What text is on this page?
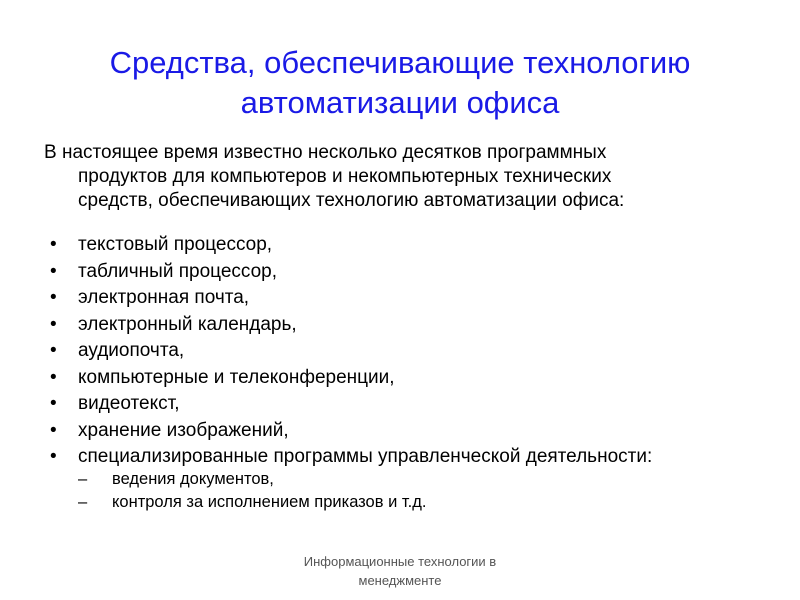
Средства, обеспечивающие технологию
автоматизации офиса
В настоящее время известно несколько десятков программных
продуктов для компьютеров и некомпьютерных технических
средств, обеспечивающих технологию автоматизации офиса:
• текстовый процессор,
• табличный процессор,
• электронная почта,
• электронный календарь,
• аудиопочта,
• компьютерные и телеконференции,
• видеотекст,
• хранение изображений,
• специализированные программы управленческой деятельности:
– ведения документов,
– контроля за исполнением приказов и т.д.
Информационные технологии в
менеджменте
